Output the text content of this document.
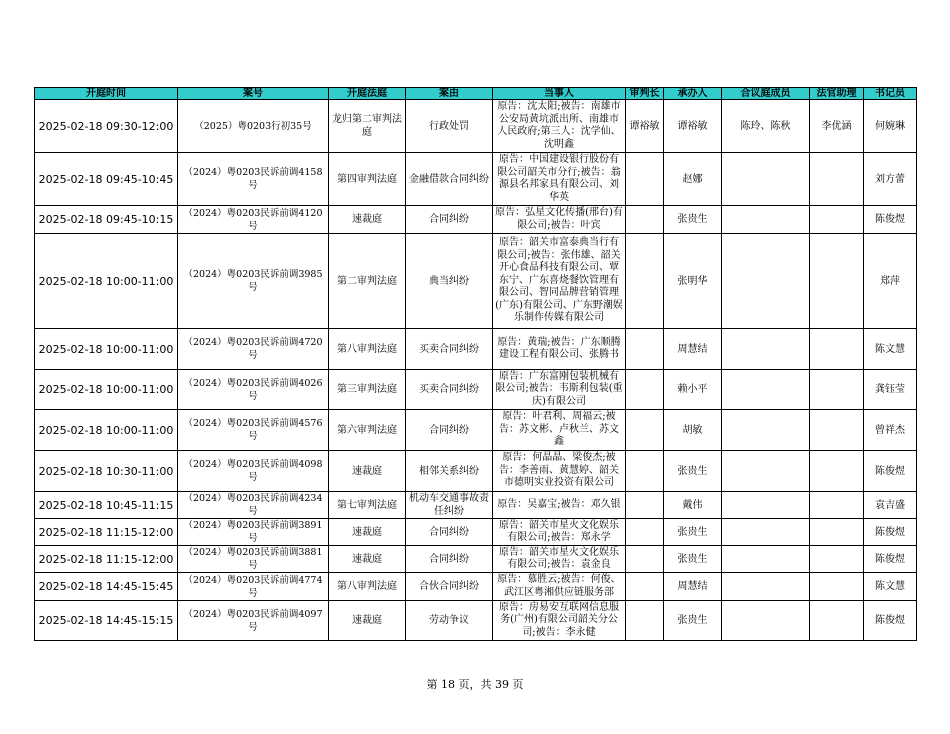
开庭时间	案号	开庭法庭	案由	当事人	审判长	承办人	合议庭成员	法官助理	书记员
2025-02-18 09:30-12:00	（2025）粤0203行初35号	龙归第二审判法庭	行政处罚	原告：沈太阳;被告：南雄市公安局黄坑派出所、南雄市人民政府;第三人：沈学仙、沈明鑫	谭裕敏	谭裕敏	陈玲、陈秋	李优涵	何婉琳
2025-02-18 09:45-10:45	（2024）粤0203民诉前调4158号	第四审判法庭	金融借款合同纠纷	原告：中国建设银行股份有限公司韶关市分行;被告：翁源县名邦家具有限公司、刘华英		赵娜			刘方蕾
2025-02-18 09:45-10:15	（2024）粤0203民诉前调4120号	速裁庭	合同纠纷	原告：弘星文化传播(邢台)有限公司;被告：叶宾		张贵生			陈俊煜
2025-02-18 10:00-11:00	（2024）粤0203民诉前调3985号	第二审判法庭	典当纠纷	原告：韶关市富泰典当行有限公司;被告：张伟雄、韶关开心食品科技有限公司、覃东宁、广东喜烧餐饮管理有限公司、智同品牌营销管理(广东)有限公司、广东野潮娱乐制作传媒有限公司		张明华			郑萍
2025-02-18 10:00-11:00	（2024）粤0203民诉前调4720号	第八审判法庭	买卖合同纠纷	原告：黄瑞;被告：广东顺腾建设工程有限公司、张腾书		周慧结			陈文慧
2025-02-18 10:00-11:00	（2024）粤0203民诉前调4026号	第三审判法庭	买卖合同纠纷	原告：广东富刚包装机械有限公司;被告：韦斯利包装(重庆)有限公司		赖小平			龚钰莹
2025-02-18 10:00-11:00	（2024）粤0203民诉前调4576号	第六审判法庭	合同纠纷	原告：叶君利、周福云;被告：苏文彬、卢秋兰、苏文鑫		胡敏			曾祥杰
2025-02-18 10:30-11:00	（2024）粤0203民诉前调4098号	速裁庭	相邻关系纠纷	原告：何晶晶、梁俊杰;被告：李善雨、黄慧婷、韶关市德明实业投资有限公司		张贵生			陈俊煜
2025-02-18 10:45-11:15	（2024）粤0203民诉前调4234号	第七审判法庭	机动车交通事故责任纠纷	原告：吴嘉宝;被告：邓久银		戴伟			袁吉盛
2025-02-18 11:15-12:00	（2024）粤0203民诉前调3891号	速裁庭	合同纠纷	原告：韶关市星火文化娱乐有限公司;被告：郑永学		张贵生			陈俊煜
2025-02-18 11:15-12:00	（2024）粤0203民诉前调3881号	速裁庭	合同纠纷	原告：韶关市星火文化娱乐有限公司;被告：袁金良		张贵生			陈俊煜
2025-02-18 14:45-15:45	（2024）粤0203民诉前调4774号	第八审判法庭	合伙合同纠纷	原告：慕胜云;被告：何俊、武江区粤湘供应链服务部		周慧结			陈文慧
2025-02-18 14:45-15:15	（2024）粤0203民诉前调4097号	速裁庭	劳动争议	原告：房易安互联网信息服务(广州)有限公司韶关分公司;被告：李永健		张贵生			陈俊煜
第 18 页，共 39 页
